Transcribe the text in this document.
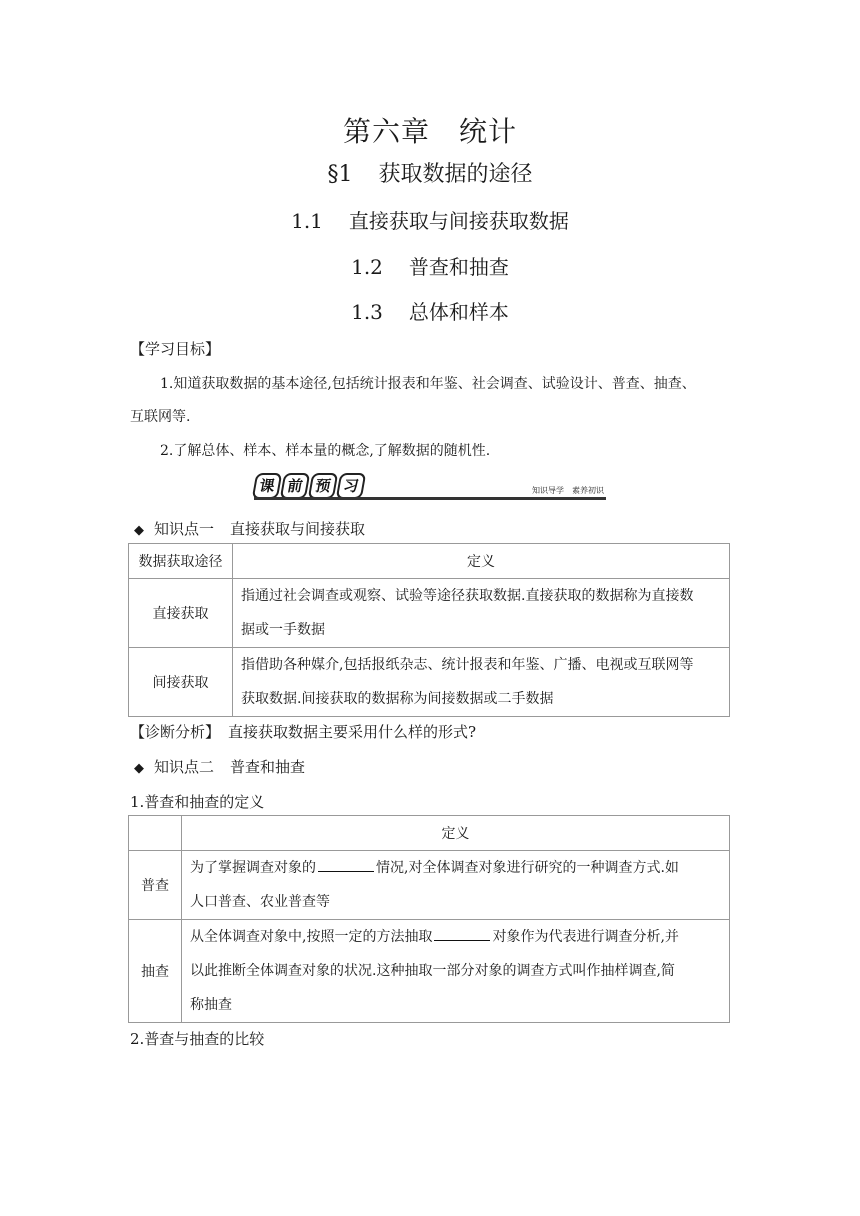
第六章　统计
§1 获取数据的途径
1.1 直接获取与间接获取数据
1.2 普查和抽查
1.3 总体和样本
【学习目标】
1.知道获取数据的基本途径,包括统计报表和年鉴、社会调查、试验设计、普查、抽查、
互联网等.
2.了解总体、样本、样本量的概念,了解数据的随机性.
课 前 预 习	知识导学　素养初识
◆ 知识点一 直接获取与间接获取
数据获取途径	定义
直接获取	指通过社会调查或观察、试验等途径获取数据.直接获取的数据称为直接数
据或一手数据

间接获取	指借助各种媒介,包括报纸杂志、统计报表和年鉴、广播、电视或互联网等
获取数据.间接获取的数据称为间接数据或二手数据
【诊断分析】 直接获取数据主要采用什么样的形式?
◆ 知识点二 普查和抽查
1.普查和抽查的定义
	定义
普查	为了掌握调查对象的 情况,对全体调查对象进行研究的一种调查方式.如
人口普查、农业普查等

抽查	从全体调查对象中,按照一定的方法抽取 对象作为代表进行调查分析,并
以此推断全体调查对象的状况.这种抽取一部分对象的调查方式叫作抽样调查,简
称抽查
2.普查与抽查的比较
